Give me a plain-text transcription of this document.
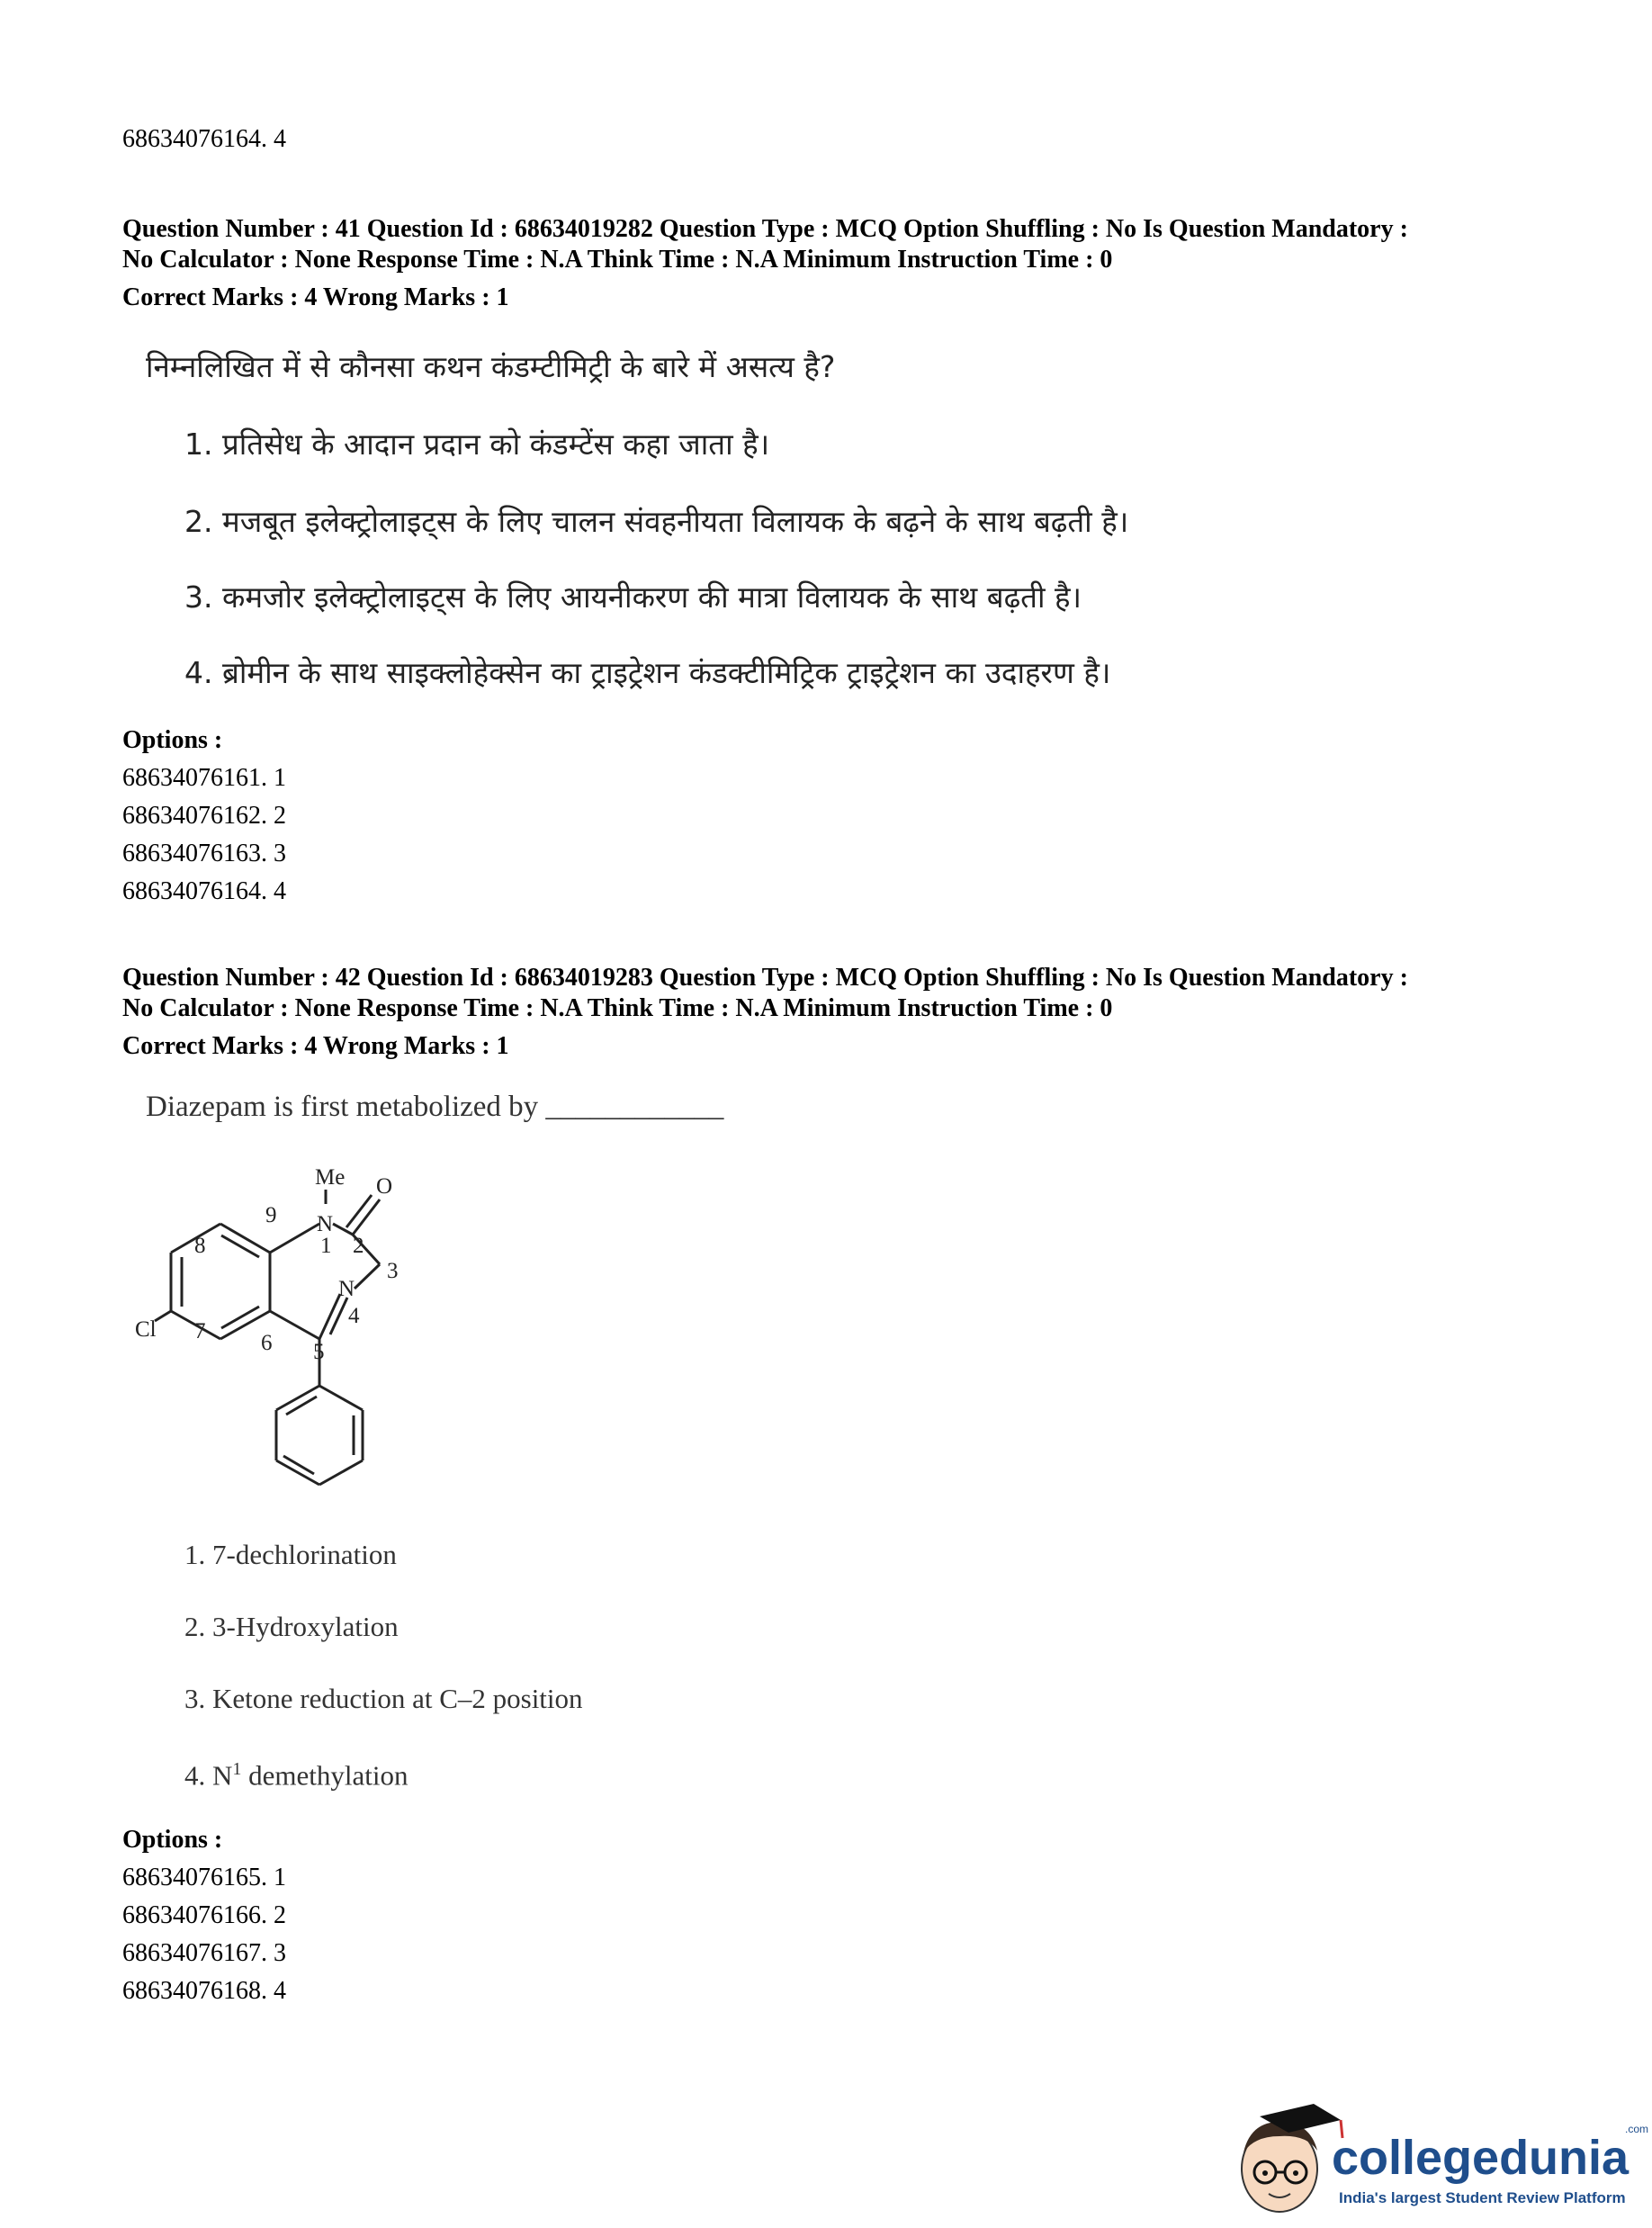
68634076164. 4
Question Number : 41 Question Id : 68634019282 Question Type : MCQ Option Shuffling : No Is Question Mandatory :
No Calculator : None Response Time : N.A Think Time : N.A Minimum Instruction Time : 0
Correct Marks : 4 Wrong Marks : 1
निम्नलिखित में से कौनसा कथन कंडम्टीमिट्री के बारे में असत्य है?
1. प्रतिसेध के आदान प्रदान को कंडम्टेंस कहा जाता है।
2. मजबूत इलेक्ट्रोलाइट्स के लिए चालन संवहनीयता विलायक के बढ़ने के साथ बढ़ती है।
3. कमजोर इलेक्ट्रोलाइट्स के लिए आयनीकरण की मात्रा विलायक के साथ बढ़ती है।
4. ब्रोमीन के साथ साइक्लोहेक्सेन का ट्राइट्रेशन कंडक्टीमिट्रिक ट्राइट्रेशन का उदाहरण है।
Options :
68634076161. 1
68634076162. 2
68634076163. 3
68634076164. 4
Question Number : 42 Question Id : 68634019283 Question Type : MCQ Option Shuffling : No Is Question Mandatory :
No Calculator : None Response Time : N.A Think Time : N.A Minimum Instruction Time : 0
Correct Marks : 4 Wrong Marks : 1
Diazepam is first metabolized by ____________
Me
N
O
N
Cl
1 2
3
4
5
6
7
8
9
1. 7-dechlorination
2. 3-Hydroxylation
3. Ketone reduction at C–2 position
4. $N^1$ demethylation
Options :
68634076165. 1
68634076166. 2
68634076167. 3
68634076168. 4
collegedunia
.com
India's largest Student Review Platform
